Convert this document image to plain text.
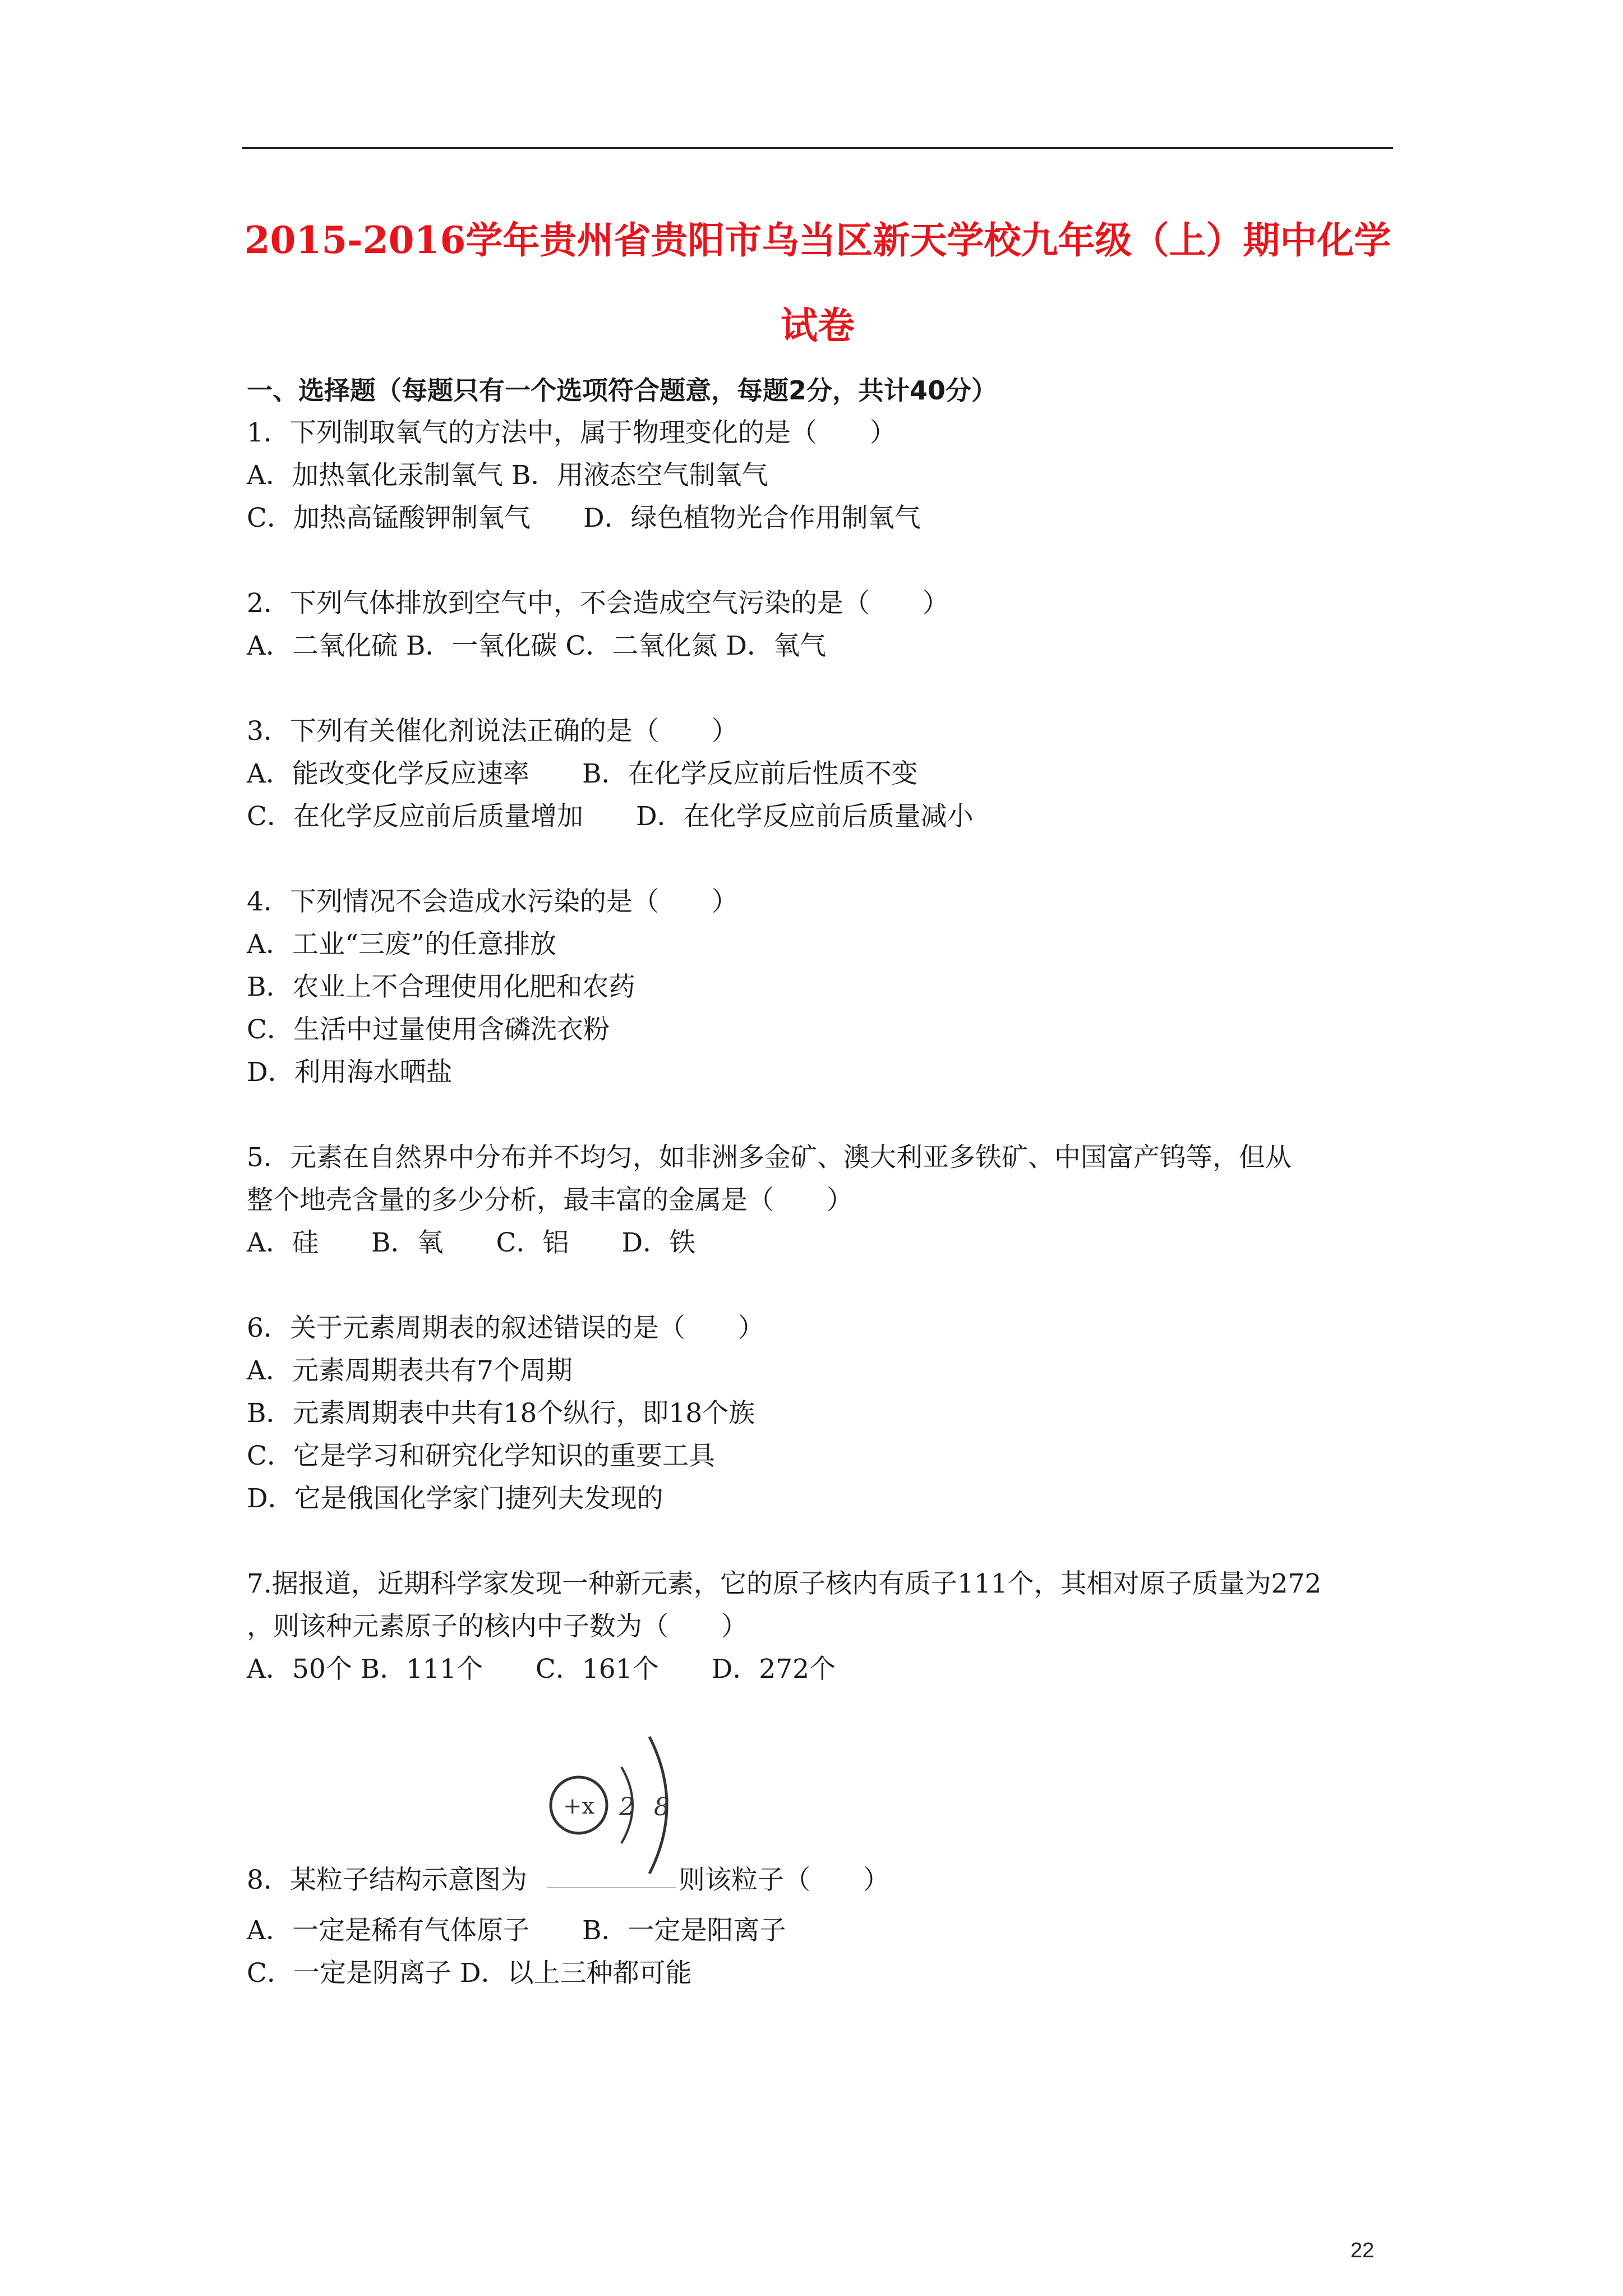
2015-2016学年贵州省贵阳市乌当区新天学校九年级（上）期中化学
试卷

一、选择题（每题只有一个选项符合题意，每题2分，共计40分）

1．下列制取氧气的方法中，属于物理变化的是（　　）

A．加热氧化汞制氧气 B．用液态空气制氧气

C．加热高锰酸钾制氧气　　D．绿色植物光合作用制氧气

2．下列气体排放到空气中，不会造成空气污染的是（　　）

A．二氧化硫 B．一氧化碳 C．二氧化氮 D．氧气

3．下列有关催化剂说法正确的是（　　）

A．能改变化学反应速率　　B．在化学反应前后性质不变

C．在化学反应前后质量增加　　D．在化学反应前后质量减小

4．下列情况不会造成水污染的是（　　）

A．工业“三废”的任意排放

B．农业上不合理使用化肥和农药

C．生活中过量使用含磷洗衣粉

D．利用海水晒盐

5．元素在自然界中分布并不均匀，如非洲多金矿、澳大利亚多铁矿、中国富产钨等，但从

整个地壳含量的多少分析，最丰富的金属是（　　）

A．硅　　B．氧　　C．铝　　D．铁

6．关于元素周期表的叙述错误的是（　　）

A．元素周期表共有7个周期

B．元素周期表中共有18个纵行，即18个族

C．它是学习和研究化学知识的重要工具

D．它是俄国化学家门捷列夫发现的

7.据报道，近期科学家发现一种新元素，它的原子核内有质子111个，其相对原子质量为272

，则该种元素原子的核内中子数为（　　）

A．50个 B．111个　　C．161个　　D．272个

+x 2 8

8．某粒子结构示意图为	则该粒子（　　）

A．一定是稀有气体原子　　B．一定是阳离子

C．一定是阴离子 D．以上三种都可能

22
